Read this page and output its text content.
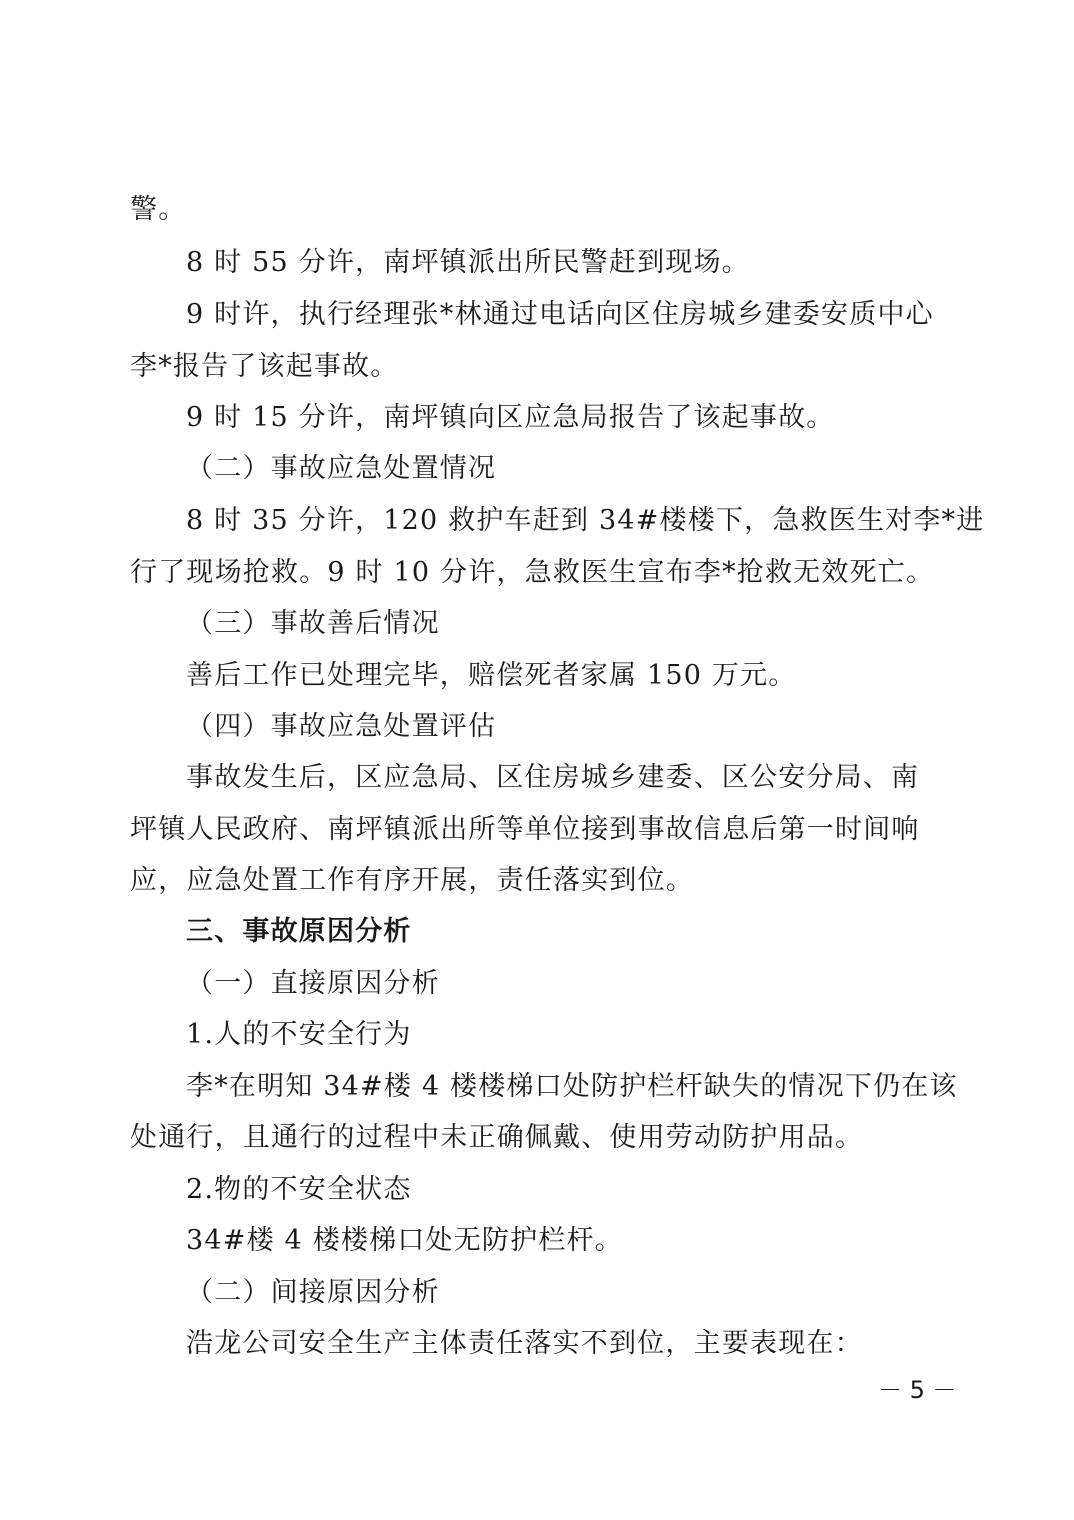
警。
8 时 55 分许，南坪镇派出所民警赶到现场。
9 时许，执行经理张*林通过电话向区住房城乡建委安质中心
李*报告了该起事故。
9 时 15 分许，南坪镇向区应急局报告了该起事故。
（二）事故应急处置情况
8 时 35 分许，120 救护车赶到 34#楼楼下，急救医生对李*进
行了现场抢救。9 时 10 分许，急救医生宣布李*抢救无效死亡。
（三）事故善后情况
善后工作已处理完毕，赔偿死者家属 150 万元。
（四）事故应急处置评估
事故发生后，区应急局、区住房城乡建委、区公安分局、南
坪镇人民政府、南坪镇派出所等单位接到事故信息后第一时间响
应，应急处置工作有序开展，责任落实到位。
三、事故原因分析
（一）直接原因分析
1.人的不安全行为
李*在明知 34#楼 4 楼楼梯口处防护栏杆缺失的情况下仍在该
处通行，且通行的过程中未正确佩戴、使用劳动防护用品。
2.物的不安全状态
34#楼 4 楼楼梯口处无防护栏杆。
（二）间接原因分析
浩龙公司安全生产主体责任落实不到位，主要表现在：
－ 5 －
